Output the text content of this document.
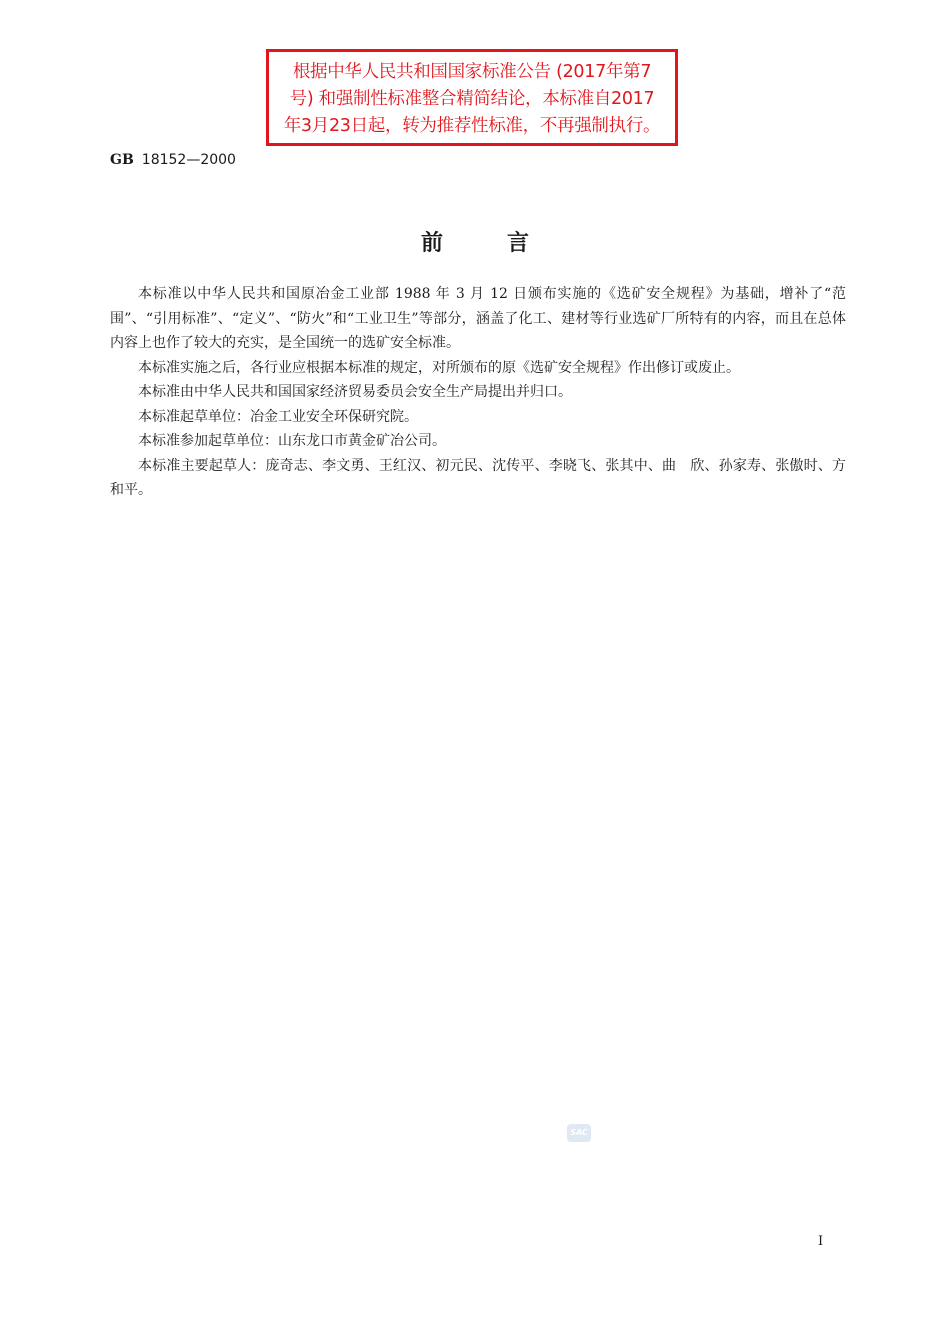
根据中华人民共和国国家标准公告 (2017年第7
号) 和强制性标准整合精简结论，本标准自2017
年3月23日起，转为推荐性标准，不再强制执行。
GB 18152—2000
前言

本标准以中华人民共和国原冶金工业部 1988 年 3 月 12 日颁布实施的《选矿安全规程》为基础，增补了“范围”、“引用标准”、“定义”、“防火”和“工业卫生”等部分，涵盖了化工、建材等行业选矿厂所特有的内容，而且在总体内容上也作了较大的充实，是全国统一的选矿安全标准。

本标准实施之后，各行业应根据本标准的规定，对所颁布的原《选矿安全规程》作出修订或废止。

本标准由中华人民共和国国家经济贸易委员会安全生产局提出并归口。

本标准起草单位：冶金工业安全环保研究院。

本标准参加起草单位：山东龙口市黄金矿冶公司。

本标准主要起草人：庞奇志、李文勇、王红汉、初元民、沈传平、李晓飞、张其中、曲　欣、孙家寿、张傲时、方和平。

SAC
I
